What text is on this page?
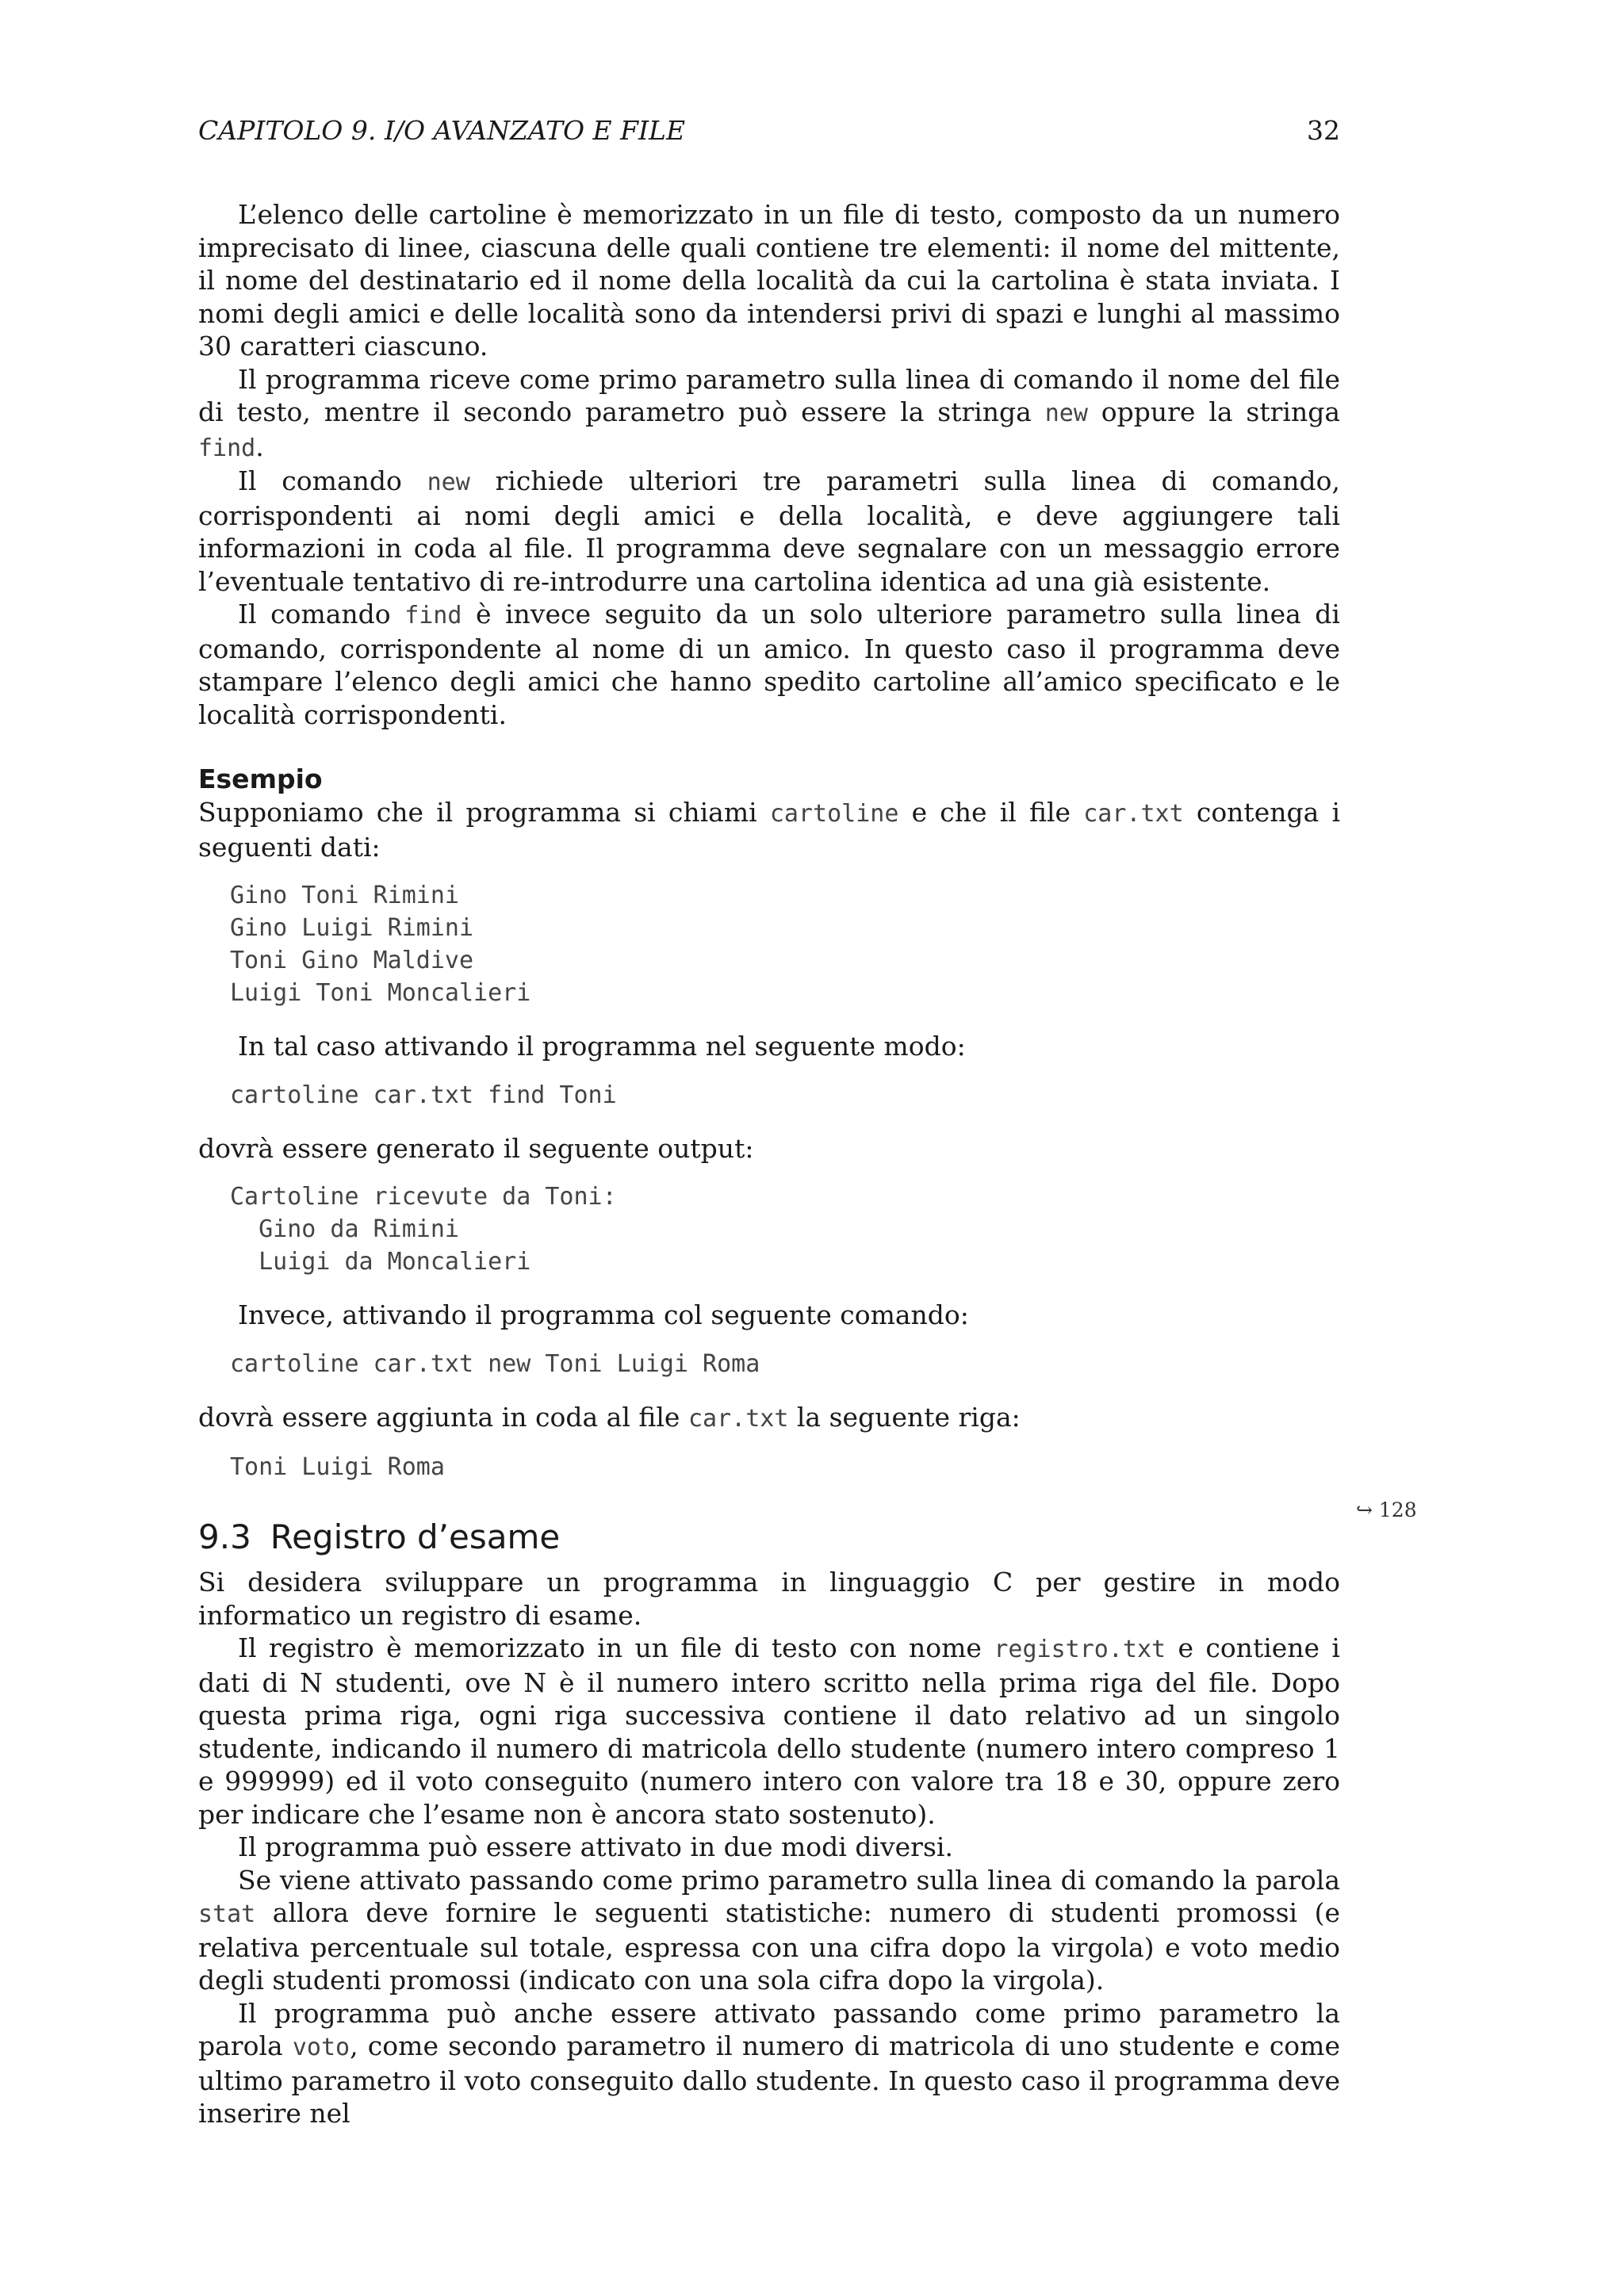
CAPITOLO 9. I/O AVANZATO E FILE	32

L’elenco delle cartoline è memorizzato in un file di testo, composto da un numero imprecisato di linee, ciascuna delle quali contiene tre elementi: il nome del mittente, il nome del destinatario ed il nome della località da cui la cartolina è stata inviata. I nomi degli amici e delle località sono da intendersi privi di spazi e lunghi al massimo 30 caratteri ciascuno.

Il programma riceve come primo parametro sulla linea di comando il nome del file di testo, mentre il secondo parametro può essere la stringa new oppure la stringa find.

Il comando new richiede ulteriori tre parametri sulla linea di comando, corrispondenti ai nomi degli amici e della località, e deve aggiungere tali informazioni in coda al file. Il programma deve segnalare con un messaggio errore l’eventuale tentativo di re-introdurre una cartolina identica ad una già esistente.

Il comando find è invece seguito da un solo ulteriore parametro sulla linea di comando, corrispondente al nome di un amico. In questo caso il programma deve stampare l’elenco degli amici che hanno spedito cartoline all’amico specificato e le località corrispondenti.

Esempio

Supponiamo che il programma si chiami cartoline e che il file car.txt contenga i seguenti dati:

Gino Toni Rimini
Gino Luigi Rimini
Toni Gino Maldive
Luigi Toni Moncalieri

In tal caso attivando il programma nel seguente modo:

cartoline car.txt find Toni

dovrà essere generato il seguente output:

Cartoline ricevute da Toni:
Gino da Rimini
Luigi da Moncalieri

Invece, attivando il programma col seguente comando:

cartoline car.txt new Toni Luigi Roma

dovrà essere aggiunta in coda al file car.txt la seguente riga:

Toni Luigi Roma
9.3 Registro d’esame

Si desidera sviluppare un programma in linguaggio C per gestire in modo informatico un registro di esame.

Il registro è memorizzato in un file di testo con nome registro.txt e contiene i dati di N studenti, ove N è il numero intero scritto nella prima riga del file. Dopo questa prima riga, ogni riga successiva contiene il dato relativo ad un singolo studente, indicando il numero di matricola dello studente (numero intero compreso 1 e 999999) ed il voto conseguito (numero intero con valore tra 18 e 30, oppure zero per indicare che l’esame non è ancora stato sostenuto).

Il programma può essere attivato in due modi diversi.

Se viene attivato passando come primo parametro sulla linea di comando la parola stat allora deve fornire le seguenti statistiche: numero di studenti promossi (e relativa percentuale sul totale, espressa con una cifra dopo la virgola) e voto medio degli studenti promossi (indicato con una sola cifra dopo la virgola).

Il programma può anche essere attivato passando come primo parametro la parola voto, come secondo parametro il numero di matricola di uno studente e come ultimo parametro il voto conseguito dallo studente. In questo caso il programma deve inserire nel

↪ 128
